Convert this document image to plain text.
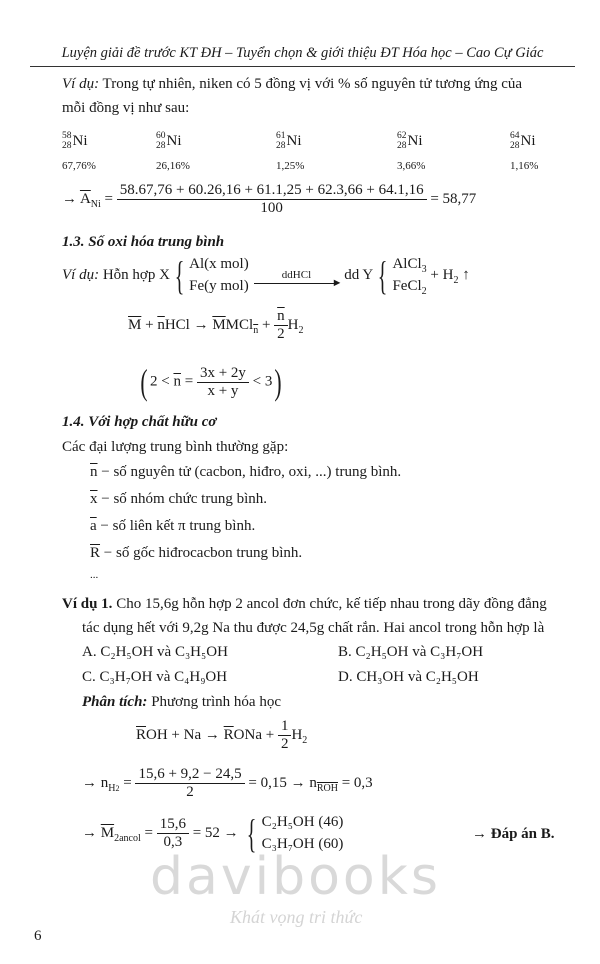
Luyện giải đề trước KT ĐH – Tuyển chọn & giới thiệu ĐT Hóa học – Cao Cự Giác
Ví dụ: Trong tự nhiên, niken có 5 đồng vị với % số nguyên tử tương ứng của
mỗi đồng vị như sau:
58
28 Ni
67,76%
60
28 Ni
26,16%
61
28 Ni
1,25%
62
28 Ni
3,66%
64
28 Ni
1,16%
→ $\overline{A}_{Ni} = \frac{58.67,76 + 60.26,16 + 61.1,25 + 62.3,66 + 64.1,16}{100} = 58,77$
1.3. Số oxi hóa trung bình
Ví dụ: Hỗn hợp X { Al(x mol)
Fe(y mol)

ddHCl
► dd Y { AlCl$_3$
FeCl$_2$
+ $H_2$ ↑
$\overline{M} + \overline{n}HCl \to \overline{M}MCl_{\overline{n}} + \frac{\overline{n}}{2} H_2$
( $2 < \overline{n} = \frac{3x + 2y}{x + y} < 3$)
1.4. Với hợp chất hữu cơ
Các đại lượng trung bình thường gặp:
$\overline{n}$ − số nguyên tử (cacbon, hiđro, oxi, ...) trung bình.
$\overline{x}$ − số nhóm chức trung bình.
$\overline{a}$ − số liên kết π trung bình.
$\overline{R}$ − số gốc hiđrocacbon trung bình.
...
Ví dụ 1. Cho 15,6g hỗn hợp 2 ancol đơn chức, kế tiếp nhau trong dãy đồng đẳng
tác dụng hết với 9,2g Na thu được 24,5g chất rắn. Hai ancol trong hỗn hợp là
A. C₂H₅OH và C₃H₅OH	B. C₂H₅OH và C₃H₇OH
C. C₃H₇OH và C₄H₉OH	D. CH₃OH và C₂H₅OH
Phân tích: Phương trình hóa học
$\overline{R}OH + Na \to \overline{R}ONa + \frac{1}{2} H_2$
→ $n_{H2} = \frac{15,6 + 9,2 - 24,5}{2} = 0,15 \to n_{\overline{ROH}} = 0,3$
→ $\overline{M}_{2ancol} = \frac{15,6}{0,3} = 52$ → { C₂H₅OH (46)
C₃H₇OH (60)
→ Đáp án B.
davibooks
Khát vọng tri thức
6
